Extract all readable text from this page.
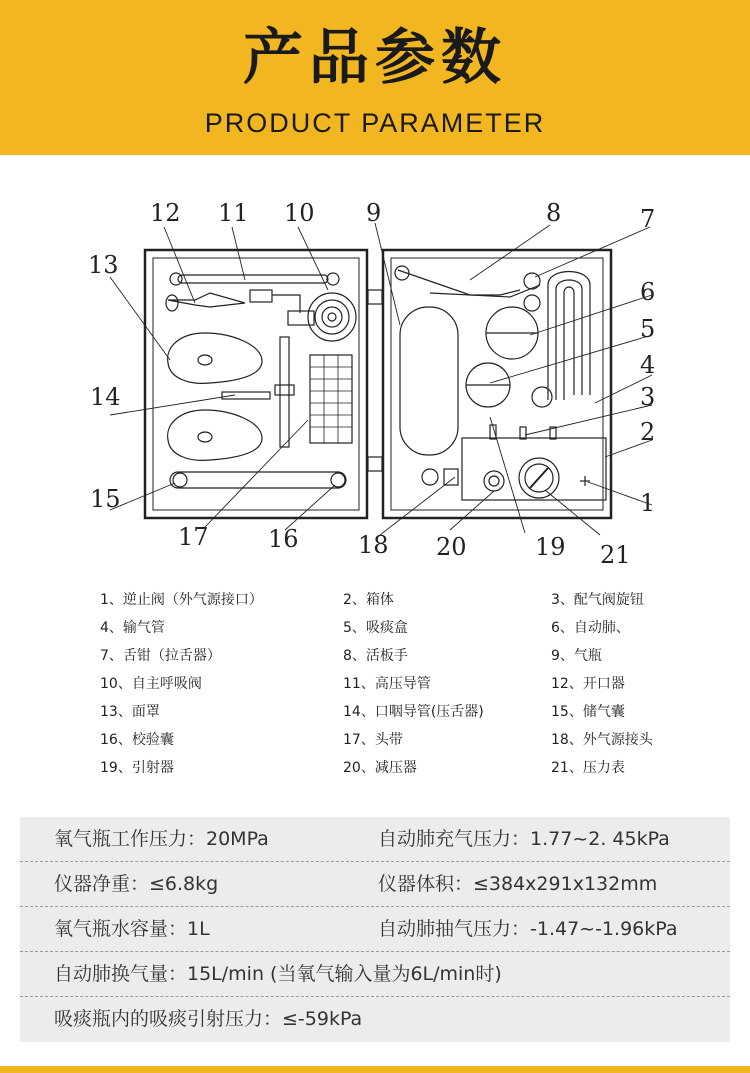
产品参数
PRODUCT PARAMETER
1
2
3
4
5
6
7
8
9
10
11
12
13
14
15
16
17	18	19
20	21
1、逆止阀（外气源接口）	2、箱体	3、配气阀旋钮
4、输气管	5、吸痰盒	6、自动肺、
7、舌钳（拉舌器）	8、活板手	9、气瓶
10、自主呼吸阀	11、高压导管	12、开口器
13、面罩	14、口咽导管(压舌器)	15、储气囊
16、校验囊	17、头带	18、外气源接头
19、引射器	20、减压器	21、压力表
氧气瓶工作压力：20MPa	自动肺充气压力：1.77~2. 45kPa
仪器净重：≤6.8kg	仪器体积：≤384x291x132mm
氧气瓶水容量：1L	自动肺抽气压力：-1.47~-1.96kPa
自动肺换气量：15L/min (当氧气输入量为6L/min时)
吸痰瓶内的吸痰引射压力：≤-59kPa
